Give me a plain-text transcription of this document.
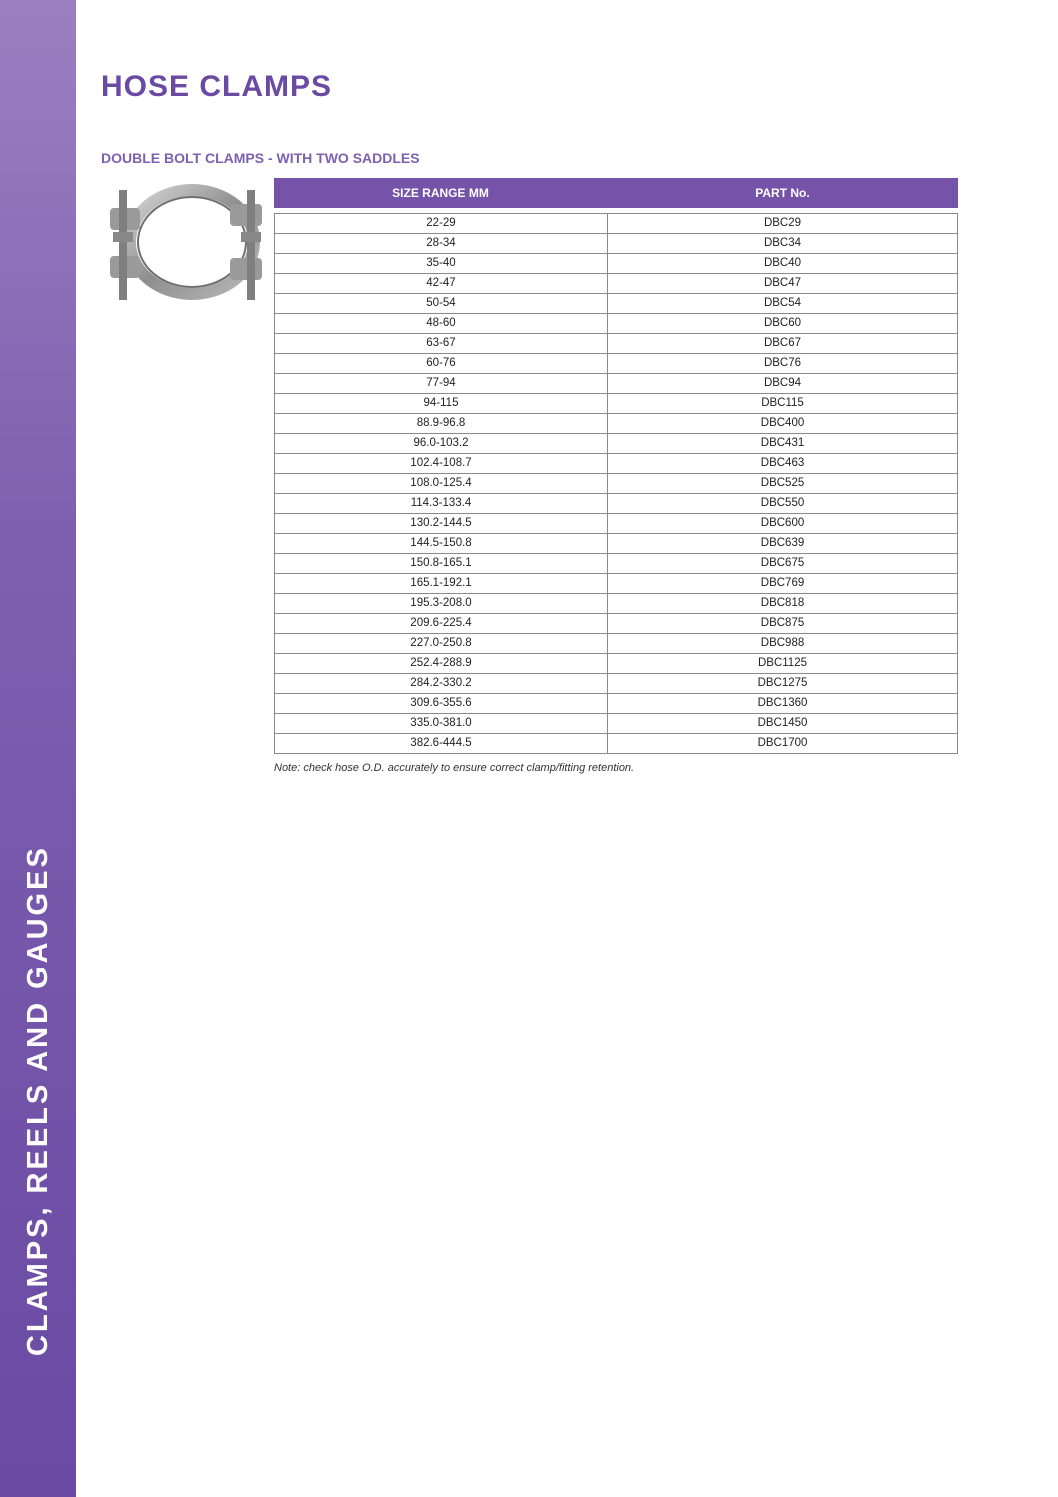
CLAMPS, REELS AND GAUGES
HOSE CLAMPS
DOUBLE BOLT CLAMPS - WITH TWO SADDLES
SIZE RANGE MM	PART No.
22-29	DBC29
28-34	DBC34
35-40	DBC40
42-47	DBC47
50-54	DBC54
48-60	DBC60
63-67	DBC67
60-76	DBC76
77-94	DBC94
94-115	DBC115
88.9-96.8	DBC400
96.0-103.2	DBC431
102.4-108.7	DBC463
108.0-125.4	DBC525
114.3-133.4	DBC550
130.2-144.5	DBC600
144.5-150.8	DBC639
150.8-165.1	DBC675
165.1-192.1	DBC769
195.3-208.0	DBC818
209.6-225.4	DBC875
227.0-250.8	DBC988
252.4-288.9	DBC1125
284.2-330.2	DBC1275
309.6-355.6	DBC1360
335.0-381.0	DBC1450
382.6-444.5	DBC1700

Note: check hose O.D. accurately to ensure correct clamp/fitting retention.
